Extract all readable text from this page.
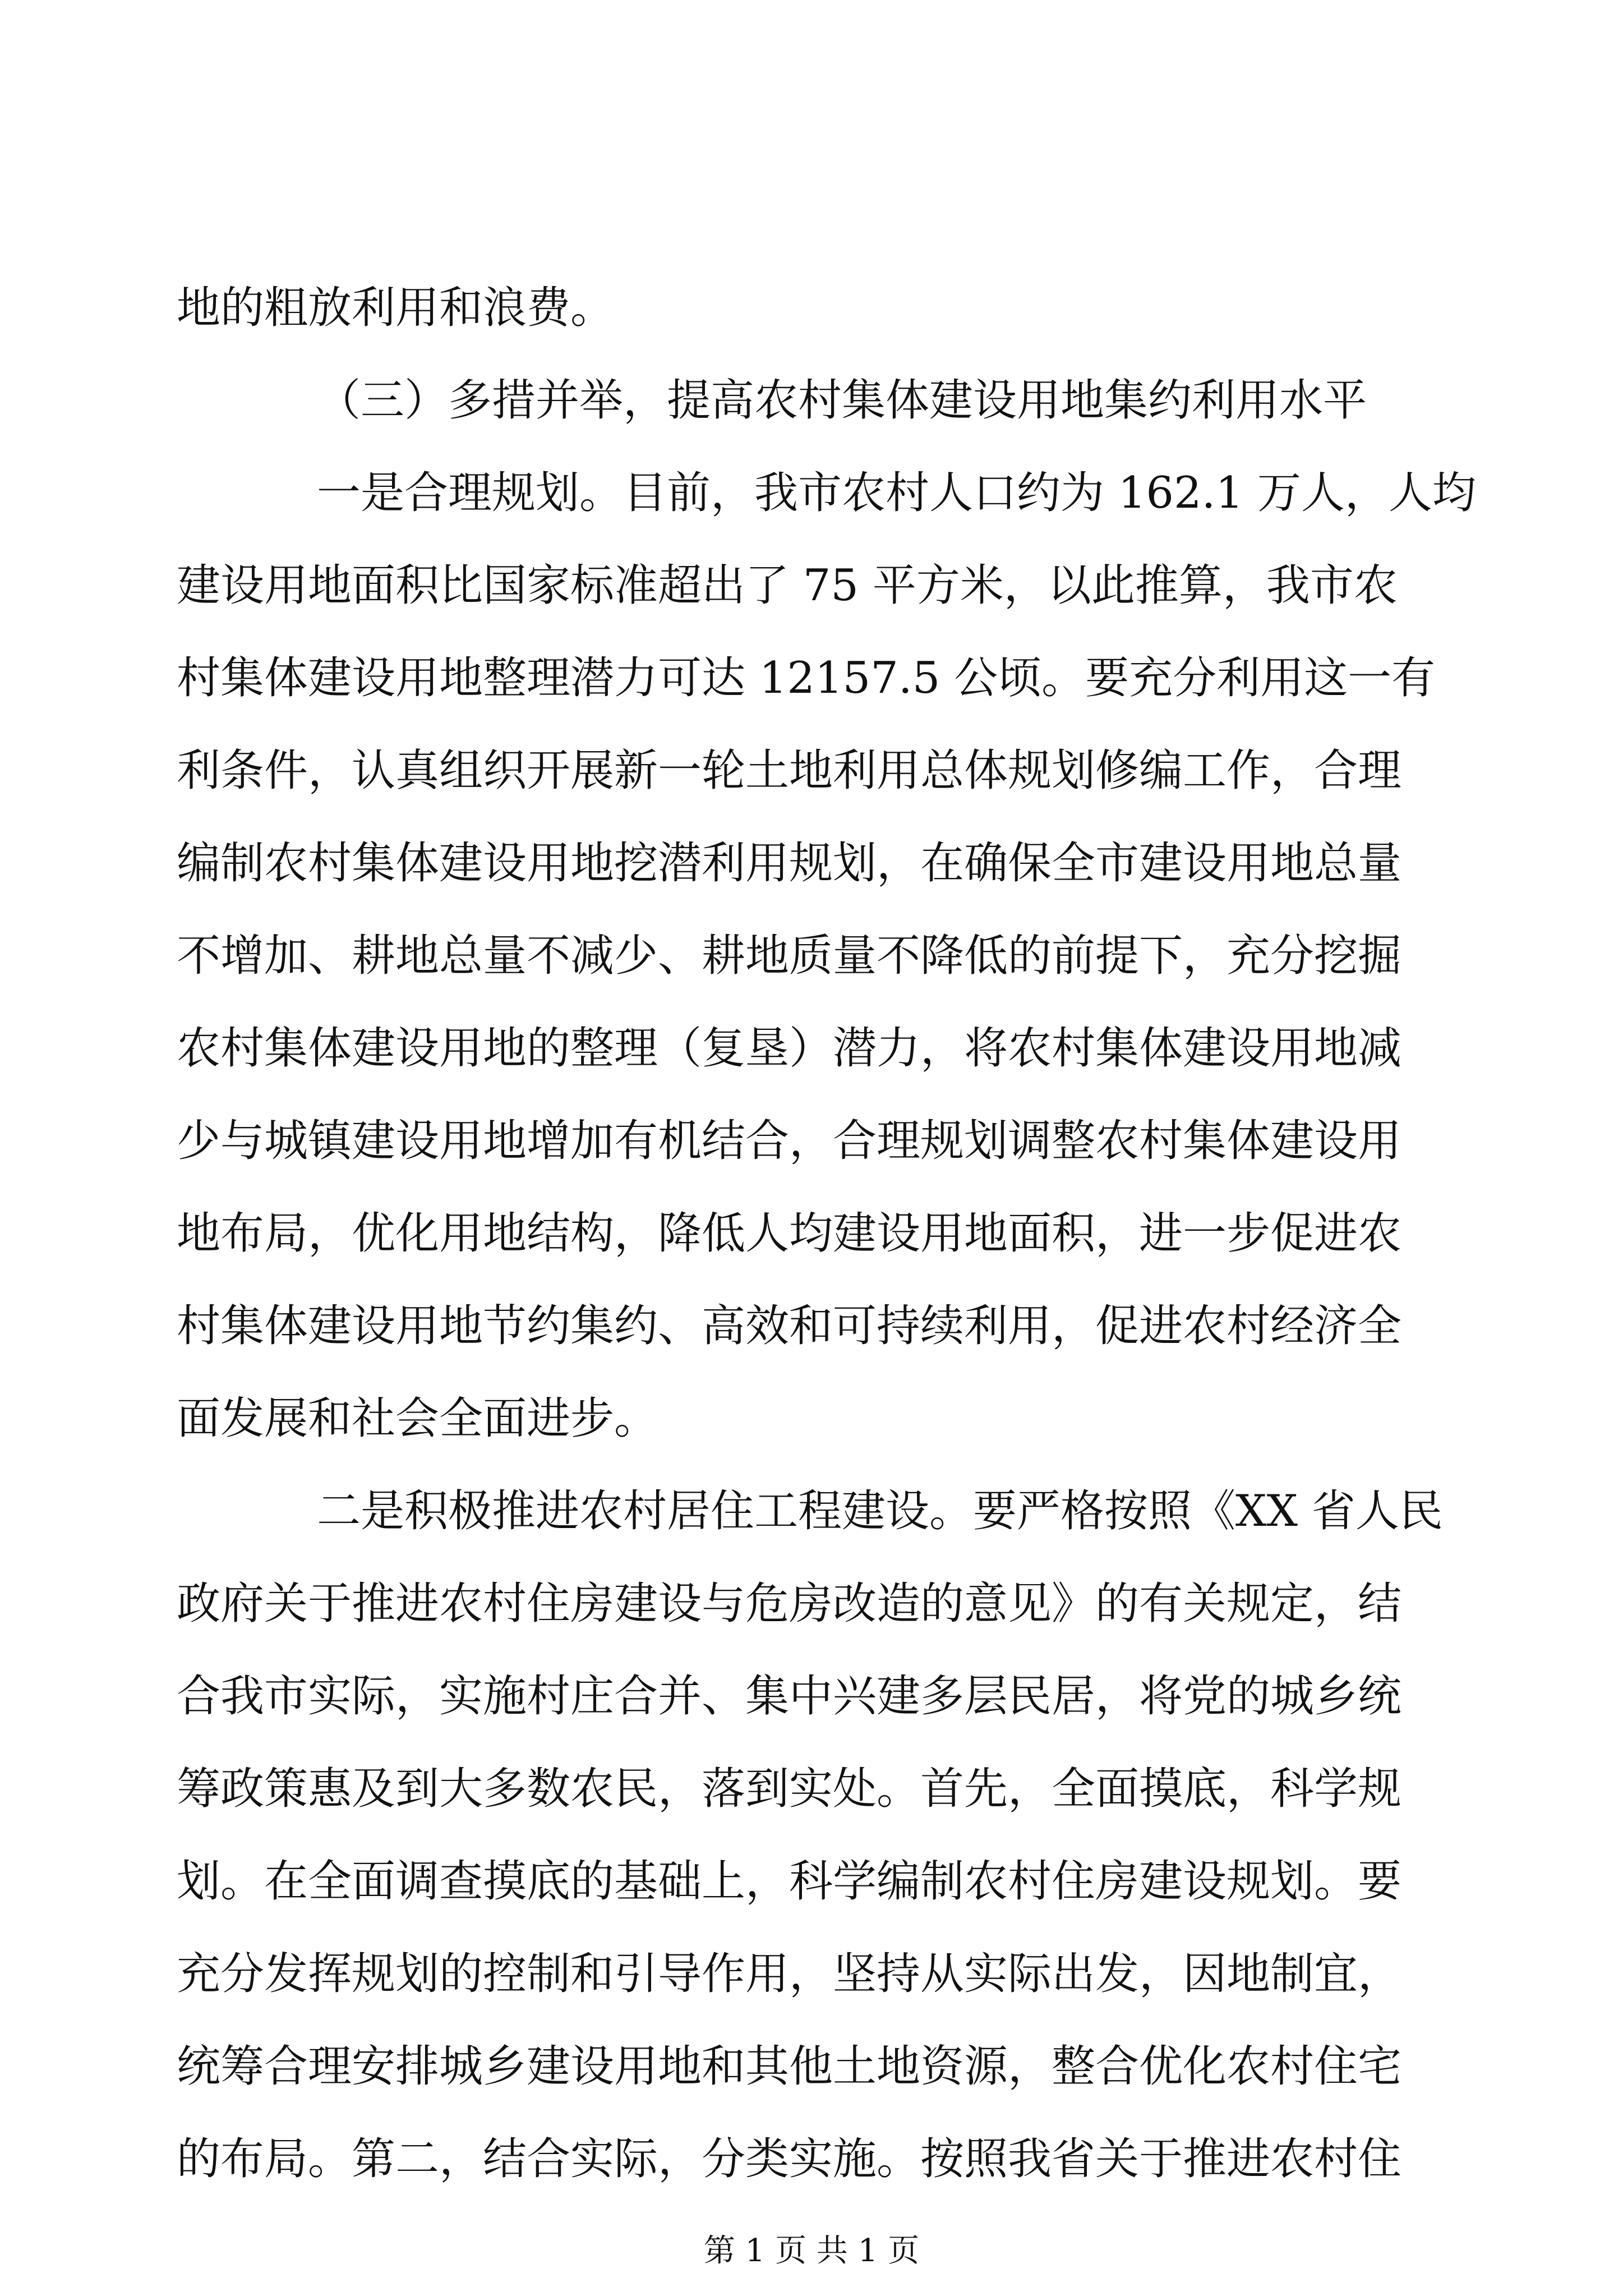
地的粗放利用和浪费。
（三）多措并举，提高农村集体建设用地集约利用水平
一是合理规划。目前，我市农村人口约为 162.1 万人，人均
建设用地面积比国家标准超出了 75 平方米，以此推算，我市农
村集体建设用地整理潜力可达 12157.5 公顷。要充分利用这一有
利条件，认真组织开展新一轮土地利用总体规划修编工作，合理
编制农村集体建设用地挖潜利用规划，在确保全市建设用地总量
不增加、耕地总量不减少、耕地质量不降低的前提下，充分挖掘
农村集体建设用地的整理（复垦）潜力，将农村集体建设用地减
少与城镇建设用地增加有机结合，合理规划调整农村集体建设用
地布局，优化用地结构，降低人均建设用地面积，进一步促进农
村集体建设用地节约集约、高效和可持续利用，促进农村经济全
面发展和社会全面进步。
二是积极推进农村居住工程建设。要严格按照《XX 省人民
政府关于推进农村住房建设与危房改造的意见》的有关规定，结
合我市实际，实施村庄合并、集中兴建多层民居，将党的城乡统
筹政策惠及到大多数农民，落到实处。首先，全面摸底，科学规
划。在全面调查摸底的基础上，科学编制农村住房建设规划。要
充分发挥规划的控制和引导作用，坚持从实际出发，因地制宜，
统筹合理安排城乡建设用地和其他土地资源，整合优化农村住宅
的布局。第二，结合实际，分类实施。按照我省关于推进农村住
第 1 页 共 1 页
